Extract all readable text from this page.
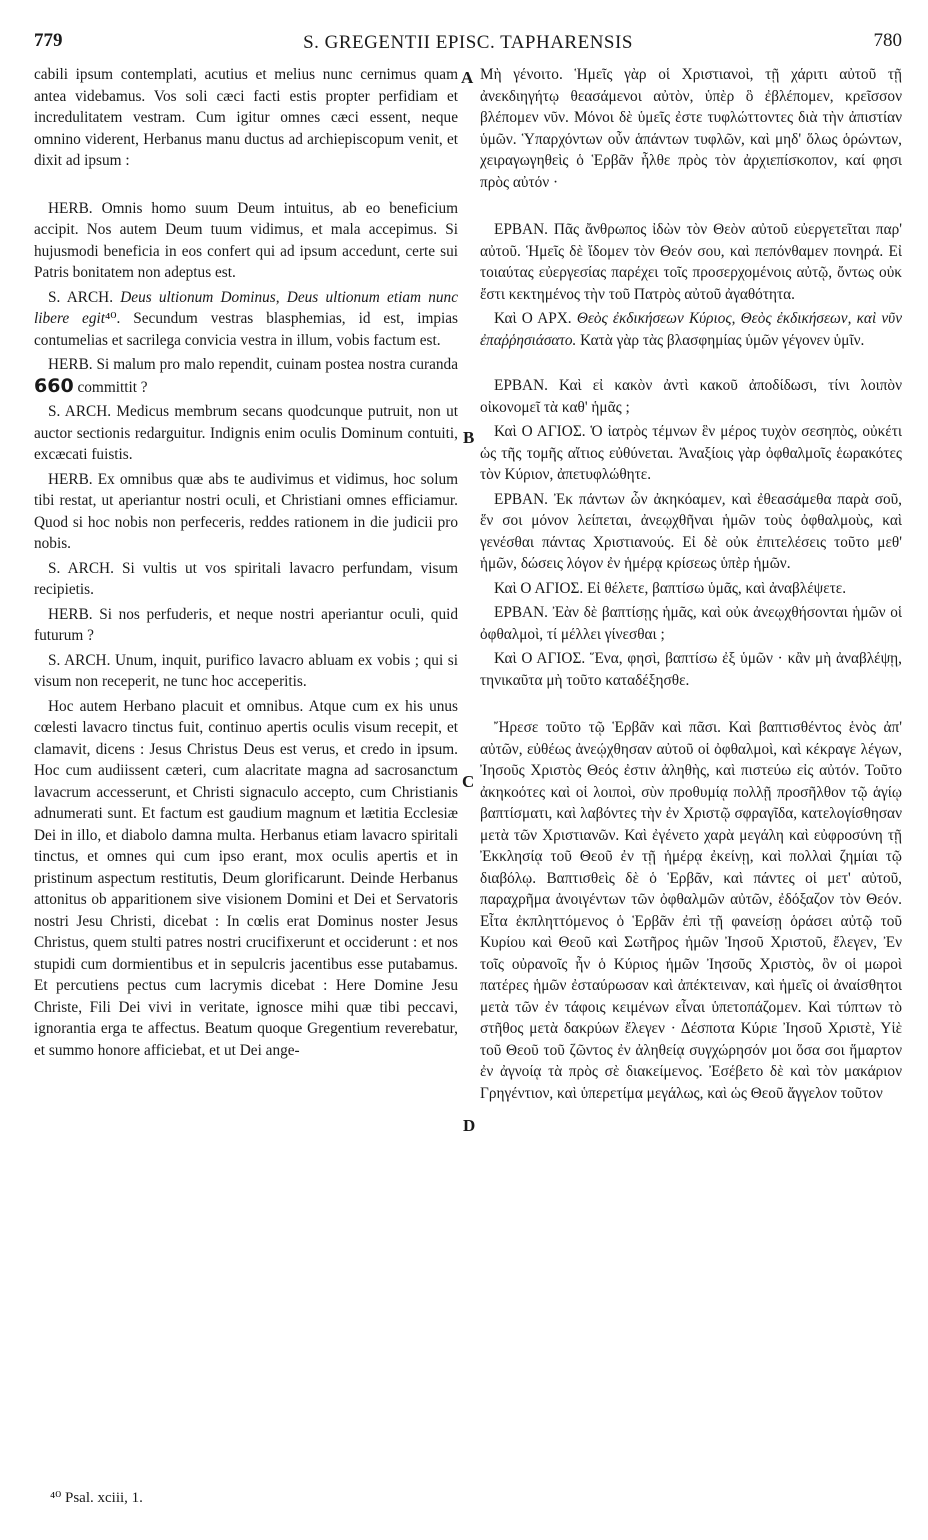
779	S. GREGENTII EPISC. TAPHARENSIS	780
A
B
C
D

cabili ipsum contemplati, acutius et melius nunc cernimus quam antea videbamus. Vos soli cæci facti estis propter perfidiam et incredulitatem vestram. Cum igitur omnes cæci essent, neque omnino viderent, Herbanus manu ductus ad archiepiscopum venit, et dixit ad ipsum :

HERB. Omnis homo suum Deum intuitus, ab eo beneficium accipit. Nos autem Deum tuum vidimus, et mala accepimus. Si hujusmodi beneficia in eos confert qui ad ipsum accedunt, certe sui Patris bonitatem non adeptus est.

S. ARCH. Deus ultionum Dominus, Deus ultionum etiam nunc libere egit⁴⁰. Secundum vestras blasphemias, id est, impias contumelias et sacrilega convicia vestra in illum, vobis factum est.

HERB. Si malum pro malo rependit, cuinam postea nostra curanda 660 committit ?

S. ARCH. Medicus membrum secans quodcunque putruit, non ut auctor sectionis redarguitur. Indignis enim oculis Dominum contuiti, excæcati fuistis.

HERB. Ex omnibus quæ abs te audivimus et vidimus, hoc solum tibi restat, ut aperiantur nostri oculi, et Christiani omnes efficiamur. Quod si hoc nobis non perfeceris, reddes rationem in die judicii pro nobis.

S. ARCH. Si vultis ut vos spiritali lavacro perfundam, visum recipietis.

HERB. Si nos perfuderis, et neque nostri aperiantur oculi, quid futurum ?

S. ARCH. Unum, inquit, purifico lavacro abluam ex vobis ; qui si visum non receperit, ne tunc hoc acceperitis.

Hoc autem Herbano placuit et omnibus. Atque cum ex his unus cœlesti lavacro tinctus fuit, continuo apertis oculis visum recepit, et clamavit, dicens : Jesus Christus Deus est verus, et credo in ipsum. Hoc cum audiissent cæteri, cum alacritate magna ad sacrosanctum lavacrum accesserunt, et Christi signaculo accepto, cum Christianis adnumerati sunt. Et factum est gaudium magnum et lætitia Ecclesiæ Dei in illo, et diabolo damna multa. Herbanus etiam lavacro spiritali tinctus, et omnes qui cum ipso erant, mox oculis apertis et in pristinum aspectum restitutis, Deum glorificarunt. Deinde Herbanus attonitus ob apparitionem sive visionem Domini et Dei et Servatoris nostri Jesu Christi, dicebat : In cœlis erat Dominus noster Jesus Christus, quem stulti patres nostri crucifixerunt et occiderunt : et nos stupidi cum dormientibus et in sepulcris jacentibus esse putabamus. Et percutiens pectus cum lacrymis dicebat : Here Domine Jesu Christe, Fili Dei vivi in veritate, ignosce mihi quæ tibi peccavi, ignorantia erga te affectus. Beatum quoque Gregentium reverebatur, et summo honore afficiebat, et ut Dei ange-

Μὴ γένοιτο. Ἡμεῖς γὰρ οἱ Χριστιανοὶ, τῇ χάριτι αὐτοῦ τῇ ἀνεκδιηγήτῳ θεασάμενοι αὐτὸν, ὑπὲρ ὃ ἐβλέπομεν, κρεῖσσον βλέπομεν νῦν. Μόνοι δὲ ὑμεῖς ἐστε τυφλώττοντες διὰ τὴν ἀπιστίαν ὑμῶν. Ὑπαρχόντων οὖν ἁπάντων τυφλῶν, καὶ μηδ' ὅλως ὁρώντων, χειραγωγηθεὶς ὁ Ἑρβᾶν ἦλθε πρὸς τὸν ἀρχιεπίσκοπον, καί φησι πρὸς αὐτόν ·

ΕΡΒΑΝ. Πᾶς ἄνθρωπος ἰδὼν τὸν Θεὸν αὐτοῦ εὐεργετεῖται παρ' αὐτοῦ. Ἡμεῖς δὲ ἴδομεν τὸν Θεόν σου, καὶ πεπόνθαμεν πονηρά. Εἰ τοιαύτας εὐεργεσίας παρέχει τοῖς προσερχομένοις αὐτῷ, ὄντως οὐκ ἔστι κεκτημένος τὴν τοῦ Πατρὸς αὐτοῦ ἀγαθότητα.

Καὶ Ο ΑΡΧ. Θεὸς ἐκδικήσεων Κύριος, Θεὸς ἐκδικήσεων, καὶ νῦν ἐπαῤῥησιάσατο. Κατὰ γὰρ τὰς βλασφημίας ὑμῶν γέγονεν ὑμῖν.

ΕΡΒΑΝ. Καὶ εἰ κακὸν ἀντὶ κακοῦ ἀποδίδωσι, τίνι λοιπὸν οἰκονομεῖ τὰ καθ' ἡμᾶς ;

Καὶ Ο ΑΓΙΟΣ. Ὁ ἰατρὸς τέμνων ἓν μέρος τυχὸν σεσηπὸς, οὐκέτι ὡς τῆς τομῆς αἴτιος εὐθύνεται. Ἀναξίοις γὰρ ὀφθαλμοῖς ἑωρακότες τὸν Κύριον, ἀπετυφλώθητε.

ΕΡΒΑΝ. Ἐκ πάντων ὧν ἀκηκόαμεν, καὶ ἐθεασάμεθα παρὰ σοῦ, ἕν σοι μόνον λείπεται, ἀνεῳχθῆναι ἡμῶν τοὺς ὀφθαλμοὺς, καὶ γενέσθαι πάντας Χριστιανούς. Εἰ δὲ οὐκ ἐπιτελέσεις τοῦτο μεθ' ἡμῶν, δώσεις λόγον ἐν ἡμέρᾳ κρίσεως ὑπὲρ ἡμῶν.

Καὶ Ο ΑΓΙΟΣ. Εἰ θέλετε, βαπτίσω ὑμᾶς, καὶ ἀναβλέψετε.

ΕΡΒΑΝ. Ἐὰν δὲ βαπτίσῃς ἡμᾶς, καὶ οὐκ ἀνεῳχθήσονται ἡμῶν οἱ ὀφθαλμοὶ, τί μέλλει γίνεσθαι ;

Καὶ Ο ΑΓΙΟΣ. Ἕνα, φησὶ, βαπτίσω ἐξ ὑμῶν · κἂν μὴ ἀναβλέψῃ, τηνικαῦτα μὴ τοῦτο καταδέξησθε.

Ἤρεσε τοῦτο τῷ Ἑρβᾶν καὶ πᾶσι. Καὶ βαπτισθέντος ἑνὸς ἀπ' αὐτῶν, εὐθέως ἀνεῴχθησαν αὐτοῦ οἱ ὀφθαλμοὶ, καὶ κέκραγε λέγων, Ἰησοῦς Χριστὸς Θεός ἐστιν ἀληθὴς, καὶ πιστεύω εἰς αὐτόν. Τοῦτο ἀκηκοότες καὶ οἱ λοιποὶ, σὺν προθυμίᾳ πολλῇ προσῆλθον τῷ ἁγίῳ βαπτίσματι, καὶ λαβόντες τὴν ἐν Χριστῷ σφραγῖδα, κατελογίσθησαν μετὰ τῶν Χριστιανῶν. Καὶ ἐγένετο χαρὰ μεγάλη καὶ εὐφροσύνη τῇ Ἐκκλησίᾳ τοῦ Θεοῦ ἐν τῇ ἡμέρᾳ ἐκείνῃ, καὶ πολλαὶ ζημίαι τῷ διαβόλῳ. Βαπτισθεὶς δὲ ὁ Ἑρβᾶν, καὶ πάντες οἱ μετ' αὐτοῦ, παραχρῆμα ἀνοιγέντων τῶν ὀφθαλμῶν αὐτῶν, ἐδόξαζον τὸν Θεόν. Εἶτα ἐκπληττόμενος ὁ Ἑρβᾶν ἐπὶ τῇ φανείσῃ ὁράσει αὐτῷ τοῦ Κυρίου καὶ Θεοῦ καὶ Σωτῆρος ἡμῶν Ἰησοῦ Χριστοῦ, ἔλεγεν, Ἐν τοῖς οὐρανοῖς ἦν ὁ Κύριος ἡμῶν Ἰησοῦς Χριστὸς, ὃν οἱ μωροὶ πατέρες ἡμῶν ἐσταύρωσαν καὶ ἀπέκτειναν, καὶ ἡμεῖς οἱ ἀναίσθητοι μετὰ τῶν ἐν τάφοις κειμένων εἶναι ὑπετοπάζομεν. Καὶ τύπτων τὸ στῆθος μετὰ δακρύων ἔλεγεν · Δέσποτα Κύριε Ἰησοῦ Χριστὲ, Υἱὲ τοῦ Θεοῦ τοῦ ζῶντος ἐν ἀληθείᾳ συγχώρησόν μοι ὅσα σοι ἥμαρτον ἐν ἀγνοίᾳ τὰ πρὸς σὲ διακείμενος. Ἐσέβετο δὲ καὶ τὸν μακάριον Γρηγέντιον, καὶ ὑπερετίμα μεγάλως, καὶ ὡς Θεοῦ ἄγγελον τοῦτον

⁴⁰ Psal. xciii, 1.
